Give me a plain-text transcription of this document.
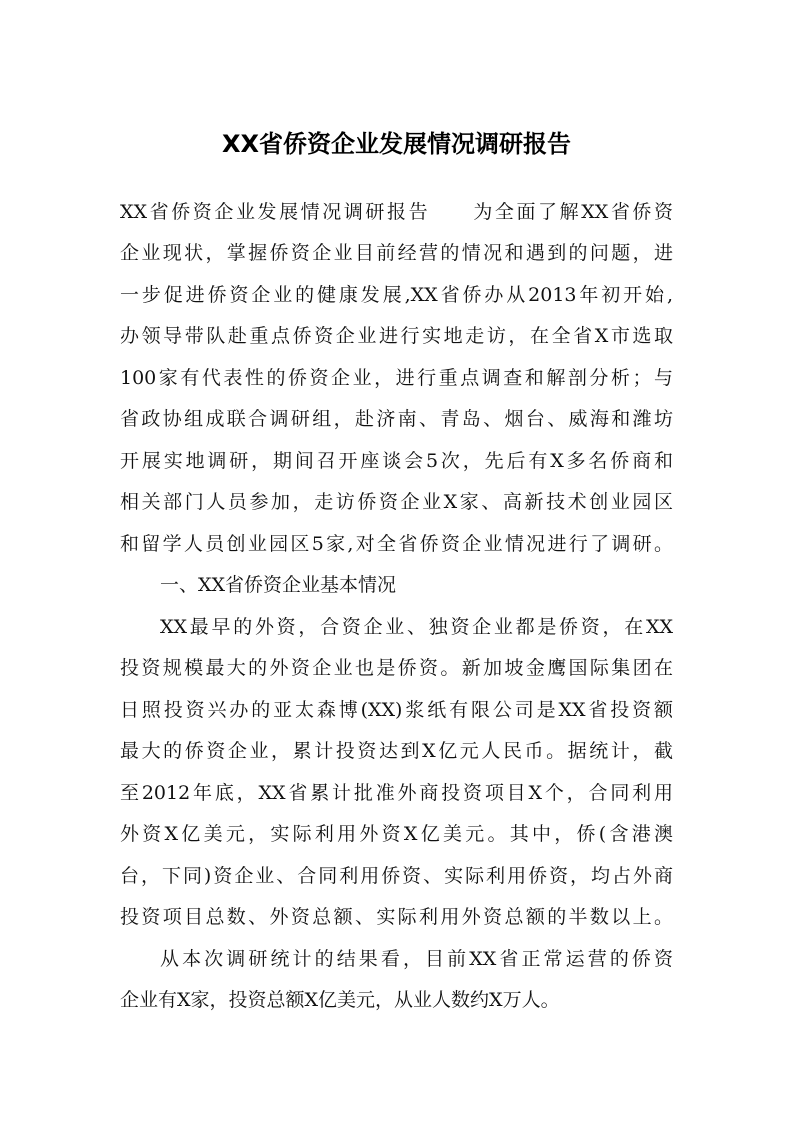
XX省侨资企业发展情况调研报告
XX省侨资企业发展情况调研报告　　为全面了解XX省侨资
企业现状，掌握侨资企业目前经营的情况和遇到的问题，进
一步促进侨资企业的健康发展,XX省侨办从2013年初开始,
办领导带队赴重点侨资企业进行实地走访，在全省X市选取
100家有代表性的侨资企业，进行重点调查和解剖分析；与
省政协组成联合调研组，赴济南、青岛、烟台、威海和潍坊
开展实地调研，期间召开座谈会5次，先后有X多名侨商和
相关部门人员参加，走访侨资企业X家、高新技术创业园区
和留学人员创业园区5家,对全省侨资企业情况进行了调研。
一、XX省侨资企业基本情况
XX最早的外资，合资企业、独资企业都是侨资，在XX
投资规模最大的外资企业也是侨资。新加坡金鹰国际集团在
日照投资兴办的亚太森博(XX)浆纸有限公司是XX省投资额
最大的侨资企业，累计投资达到X亿元人民币。据统计，截
至2012年底，XX省累计批准外商投资项目X个，合同利用
外资X亿美元，实际利用外资X亿美元。其中，侨(含港澳
台，下同)资企业、合同利用侨资、实际利用侨资，均占外商
投资项目总数、外资总额、实际利用外资总额的半数以上。
从本次调研统计的结果看，目前XX省正常运营的侨资
企业有X家，投资总额X亿美元，从业人数约X万人。
